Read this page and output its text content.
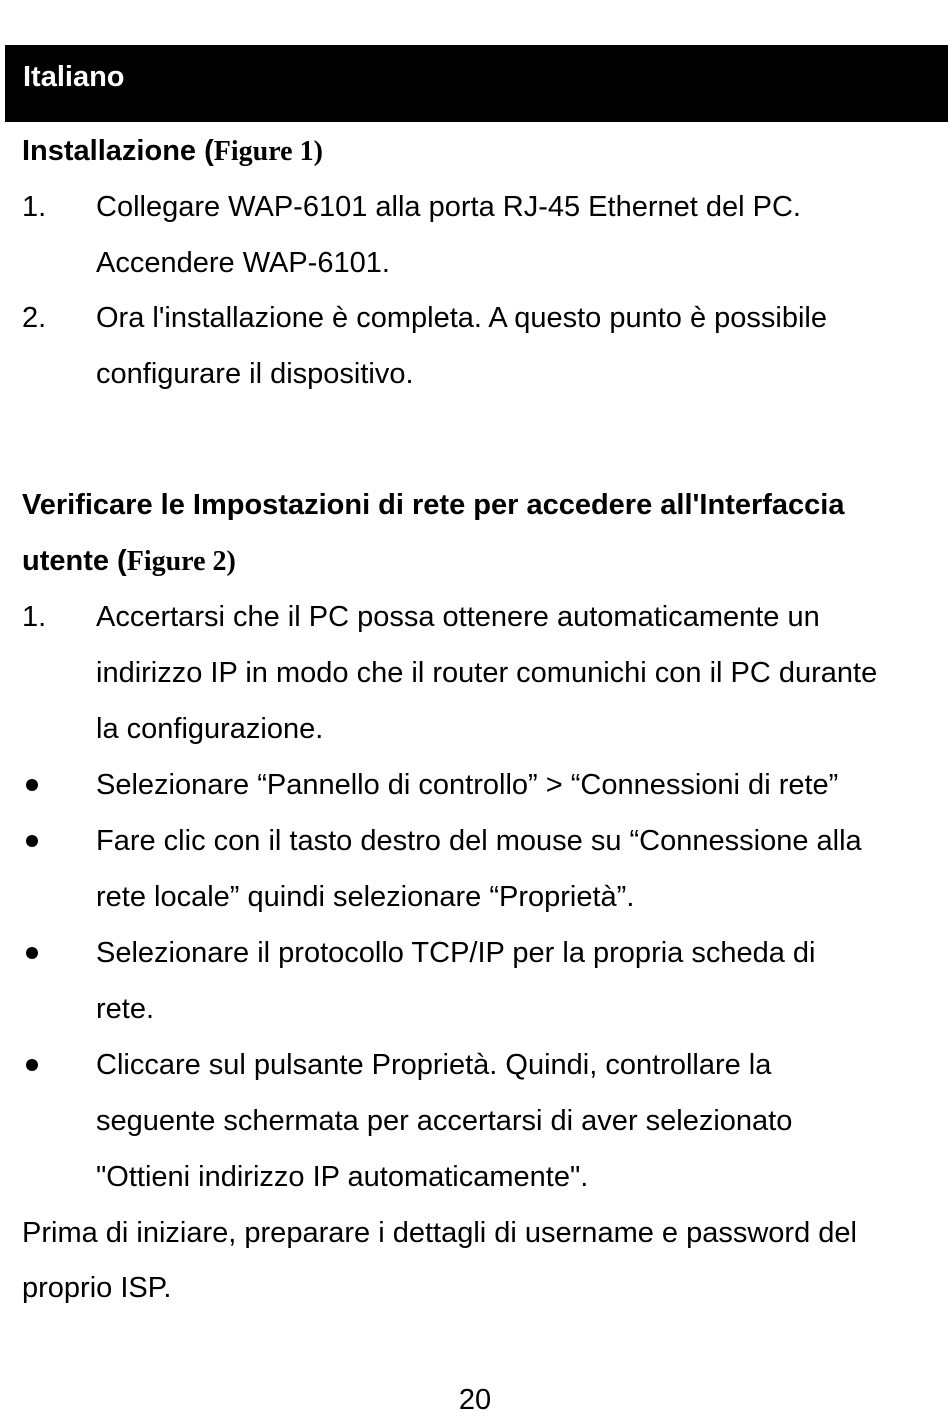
Italiano
Installazione (Figure 1)
1. Collegare WAP-6101 alla porta RJ-45 Ethernet del PC.
Accendere WAP-6101.
2. Ora l'installazione è completa. A questo punto è possibile
configurare il dispositivo.
Verificare le Impostazioni di rete per accedere all'Interfaccia
utente (Figure 2)
1. Accertarsi che il PC possa ottenere automaticamente un
indirizzo IP in modo che il router comunichi con il PC durante
la configurazione.
Selezionare “Pannello di controllo” > “Connessioni di rete”
Fare clic con il tasto destro del mouse su “Connessione alla
rete locale” quindi selezionare “Proprietà”.
Selezionare il protocollo TCP/IP per la propria scheda di
rete.
Cliccare sul pulsante Proprietà. Quindi, controllare la
seguente schermata per accertarsi di aver selezionato
"Ottieni indirizzo IP automaticamente".
Prima di iniziare, preparare i dettagli di username e password del
proprio ISP.
20
